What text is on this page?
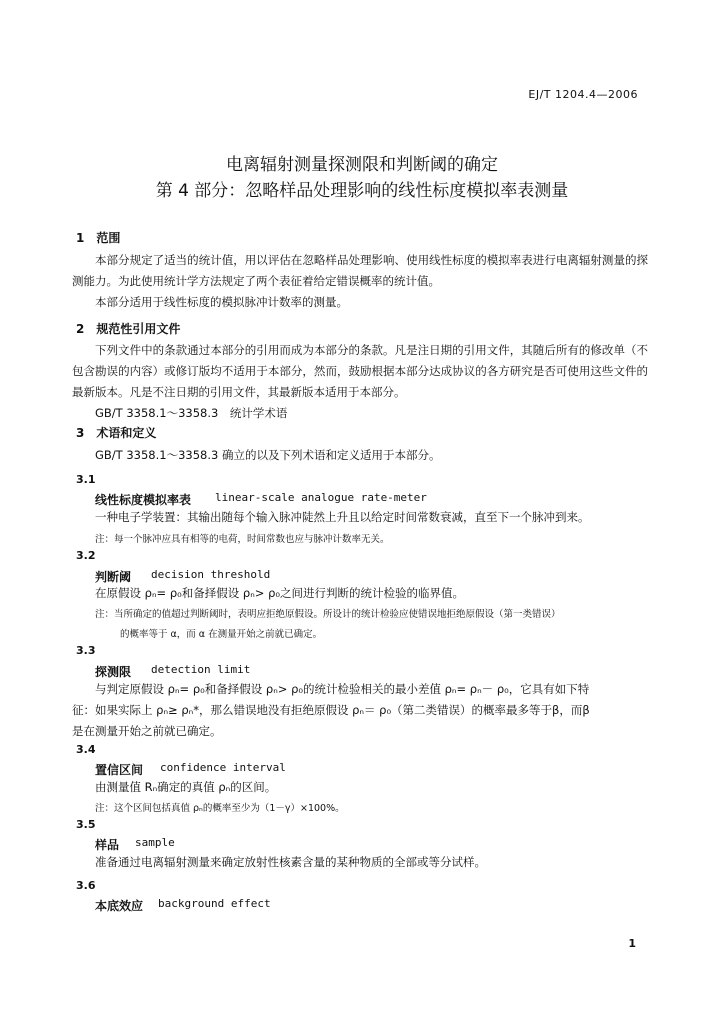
EJ/T 1204.4—2006
电离辐射测量探测限和判断阈的确定
第 4 部分：忽略样品处理影响的线性标度模拟率表测量
1　范围
本部分规定了适当的统计值，用以评估在忽略样品处理影响、使用线性标度的模拟率表进行电离辐射测量的探测能力。为此使用统计学方法规定了两个表征着给定错误概率的统计值。
本部分适用于线性标度的模拟脉冲计数率的测量。
2　规范性引用文件
下列文件中的条款通过本部分的引用而成为本部分的条款。凡是注日期的引用文件，其随后所有的修改单（不包含勘误的内容）或修订版均不适用于本部分，然而，鼓励根据本部分达成协议的各方研究是否可使用这些文件的最新版本。凡是不注日期的引用文件，其最新版本适用于本部分。
GB/T 3358.1～3358.3　统计学术语
3　术语和定义
GB/T 3358.1～3358.3 确立的以及下列术语和定义适用于本部分。
3.1
线性标度模拟率表 linear-scale analogue rate-meter
一种电子学装置：其输出随每个输入脉冲陡然上升且以给定时间常数衰减，直至下一个脉冲到来。
注：每一个脉冲应具有相等的电荷，时间常数也应与脉冲计数率无关。
3.2
判断阈 decision threshold
在原假设 ρₙ= ρ₀和备择假设 ρₙ> ρ₀之间进行判断的统计检验的临界值。
注：当所确定的值超过判断阈时，表明应拒绝原假设。所设计的统计检验应使错误地拒绝原假设（第一类错误）
的概率等于 α，而 α 在测量开始之前就已确定。
3.3
探测限 detection limit
与判定原假设 ρₙ= ρ₀和备择假设 ρₙ> ρ₀的统计检验相关的最小差值 ρₙ= ρₙ－ ρ₀，它具有如下特
征：如果实际上 ρₙ≥ ρₙ*，那么错误地没有拒绝原假设 ρₙ＝ ρ₀（第二类错误）的概率最多等于β，而β
是在测量开始之前就已确定。
3.4
置信区间 confidence interval
由测量值 Rₙ确定的真值 ρₙ的区间。
注：这个区间包括真值 ρₙ的概率至少为（1－γ）×100%。
3.5
样品 sample
准备通过电离辐射测量来确定放射性核素含量的某种物质的全部或等分试样。
3.6
本底效应 background effect
1
